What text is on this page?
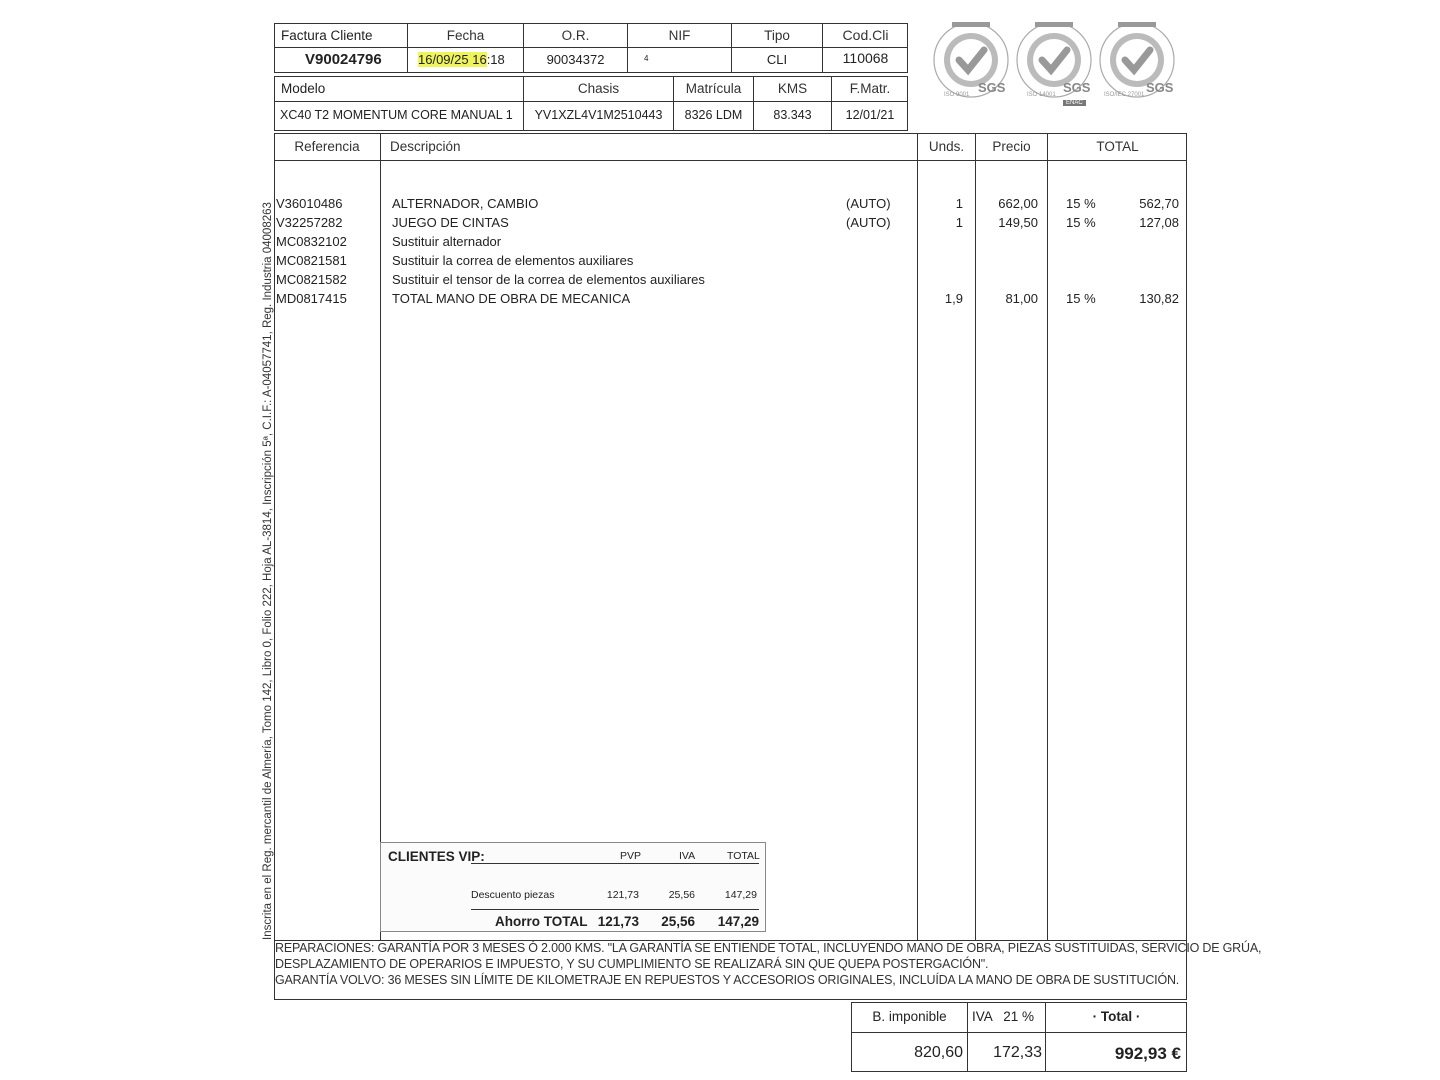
Factura Cliente	Fecha	O.R.	NIF	Tipo	Cod.Cli
V90024796	16/09/25 16:18	90034372	4	CLI	110068
Modelo	Chasis	Matrícula	KMS	F.Matr.
XC40 T2 MOMENTUM CORE MANUAL 1	YV1XZL4V1M2510443	8326 LDM	83.343	12/01/21
SGS
ISO 9001	SGS
ISO 14001
ENAC
SGS
ISO/IEC 27001
Referencia	Descripción	Unds.	Precio	TOTAL
V36010486	ALTERNADOR, CAMBIO	(AUTO)	1	662,00 15 %	562,70
V32257282	JUEGO DE CINTAS	(AUTO)	1	149,50 15 %	127,08
MC0832102	Sustituir alternador
MC0821581	Sustituir la correa de elementos auxiliares
MC0821582	Sustituir el tensor de la correa de elementos auxiliares
MD0817415	TOTAL MANO DE OBRA DE MECANICA	1,9	81,00 15 %	130,82
CLIENTES VIP:	PVP	IVA	TOTAL
Descuento piezas	121,73	25,56	147,29
Ahorro TOTAL 121,73	25,56	147,29
Inscrita en el Reg. mercantil de Almería, Tomo 142, Libro 0, Folio 222, Hoja AL-3814, Inscripción 5ª, C.I.F.: A-04057741, Reg. Industria 04008263
REPARACIONES: GARANTÍA POR 3 MESES Ó 2.000 KMS. "LA GARANTÍA SE ENTIENDE TOTAL, INCLUYENDO MANO DE OBRA, PIEZAS SUSTITUIDAS, SERVICIO DE GRÚA,
DESPLAZAMIENTO DE OPERARIOS E IMPUESTO, Y SU CUMPLIMIENTO SE REALIZARÁ SIN QUE QUEPA POSTERGACIÓN".
GARANTÍA VOLVO: 36 MESES SIN LÍMITE DE KILOMETRAJE EN REPUESTOS Y ACCESORIOS ORIGINALES, INCLUÍDA LA MANO DE OBRA DE SUSTITUCIÓN.
B. imponible	IVA   21 %	· Total ·
820,60	172,33	992,93 €
